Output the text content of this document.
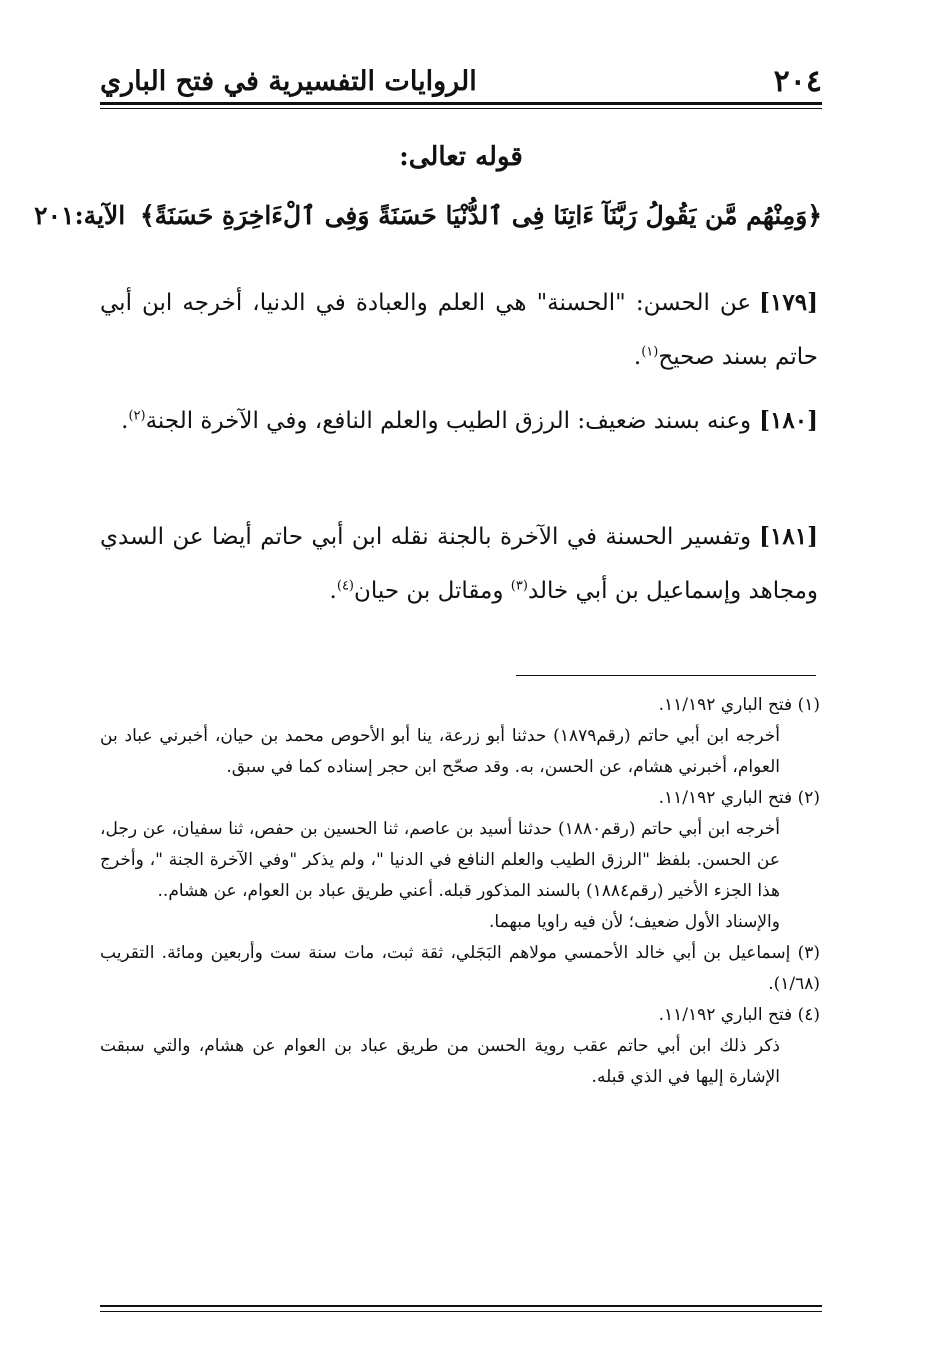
٢٠٤
الروايات التفسيرية في فتح الباري
قوله تعالى:
﴿وَمِنْهُم مَّن يَقُولُ رَبَّنَآ ءَاتِنَا فِى ٱلدُّنْيَا حَسَنَةً وَفِى ٱلْءَاخِرَةِ حَسَنَةً﴾ الآية:٢٠١
[١٧٩]عن الحسن: "الحسنة" هي العلم والعبادة في الدنيا، أخرجه ابن أبي حاتم بسند صحيح$^{(١)}$.
[١٨٠]وعنه بسند ضعيف: الرزق الطيب والعلم النافع، وفي الآخرة الجنة$^{(٢)}$.
[١٨١]وتفسير الحسنة في الآخرة بالجنة نقله ابن أبي حاتم أيضا عن السدي ومجاهد وإسماعيل بن أبي خالد$^{(٣)}$ ومقاتل بن حيان$^{(٤)}$.

(١) فتح الباري ١١/١٩٢.

أخرجه ابن أبي حاتم (رقم١٨٧٩) حدثنا أبو زرعة، ينا أبو الأحوص محمد بن حيان، أخبرني عباد بن العوام، أخبرني هشام، عن الحسن، به. وقد صحّح ابن حجر إسناده كما في سبق.

(٢) فتح الباري ١١/١٩٢.

أخرجه ابن أبي حاتم (رقم١٨٨٠) حدثنا أسيد بن عاصم، ثنا الحسين بن حفص، ثنا سفيان، عن رجل، عن الحسن. بلفظ "الرزق الطيب والعلم النافع في الدنيا "، ولم يذكر "وفي الآخرة الجنة "، وأخرج هذا الجزء الأخير (رقم١٨٨٤) بالسند المذكور قبله. أعني طريق عباد بن العوام، عن هشام..

والإسناد الأول ضعيف؛ لأن فيه راويا مبهما.

(٣) إسماعيل بن أبي خالد الأحمسي مولاهم البَجَلي، ثقة ثبت، مات سنة ست وأربعين ومائة. التقريب (١/٦٨).

(٤) فتح الباري ١١/١٩٢.

ذكر ذلك ابن أبي حاتم عقب روية الحسن من طريق عباد بن العوام عن هشام، والتي سبقت الإشارة إليها في الذي قبله.
